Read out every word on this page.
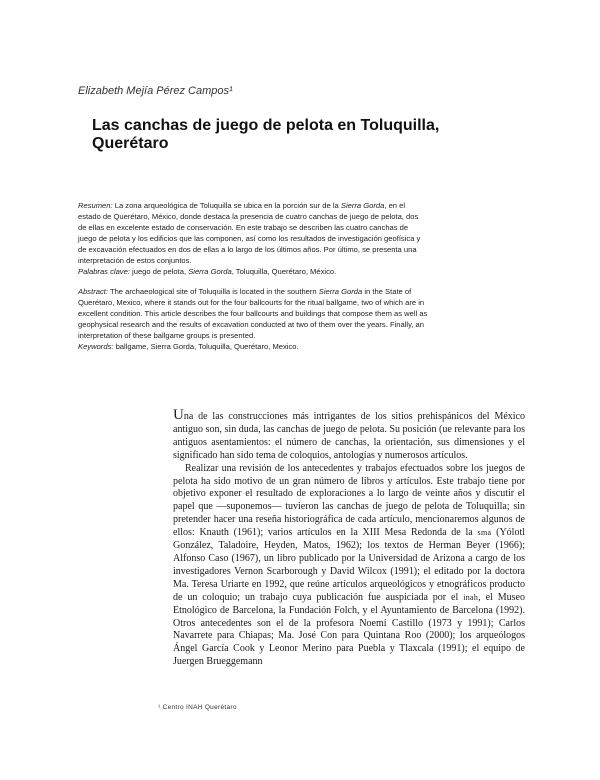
Elizabeth Mejía Pérez Campos¹
Las canchas de juego de pelota en Toluquilla, Querétaro

Resumen: La zona arqueológica de Toluquilla se ubica en la porción sur de la Sierra Gorda, en el estado de Querétaro, México, donde destaca la presencia de cuatro canchas de juego de pelota, dos de ellas en excelente estado de conservación. En este trabajo se describen las cuatro canchas de juego de pelota y los edificios que las componen, así como los resultados de investigación geofísica y de excavación efectuados en dos de ellas a lo largo de los últimos años. Por último, se presenta una interpretación de estos conjuntos.
Palabras clave: juego de pelota, Sierra Gorda, Toluquilla, Querétaro, México.

Abstract: The archaeological site of Toluquilla is located in the southern Sierra Gorda in the State of Querétaro, Mexico, where it stands out for the four ballcourts for the ritual ballgame, two of which are in excellent condition. This article describes the four ballcourts and buildings that compose them as well as geophysical research and the results of excavation conducted at two of them over the years. Finally, an interpretation of these ballgame groups is presented.
Keywords: ballgame, Sierra Gorda, Toluquilla, Querétaro, Mexico.

Una de las construcciones más intrigantes de los sitios prehispánicos del México antiguo son, sin duda, las canchas de juego de pelota. Su posición (ue relevante para los antiguos asentamientos: el número de canchas, la orientación, sus dimensiones y el significado han sido tema de coloquios, antologías y numerosos artículos.

Realizar una revisión de los antecedentes y trabajos efectuados sobre los juegos de pelota ha sido motivo de un gran número de libros y artículos. Este trabajo tiene por objetivo exponer el resultado de exploraciones a lo largo de veinte años y discutir el papel que —suponemos— tuvieron las canchas de juego de pelota de Toluquilla; sin pretender hacer una reseña historiográfica de cada artículo, mencionaremos algunos de ellos: Knauth (1961); varios artículos en la XIII Mesa Redonda de la sma (Yólotl González, Taladoire, Heyden, Matos, 1962); los textos de Herman Beyer (1966); Alfonso Caso (1967), un libro publicado por la Universidad de Arizona a cargo de los investigadores Vernon Scarborough y David Wilcox (1991); el editado por la doctora Ma. Teresa Uriarte en 1992, que reúne artículos arqueológicos y etnográficos producto de un coloquio; un trabajo cuya publicación fue auspiciada por el inah, el Museo Etnológico de Barcelona, la Fundación Folch, y el Ayuntamiento de Barcelona (1992). Otros antecedentes son el de la profesora Noemí Castillo (1973 y 1991); Carlos Navarrete para Chiapas; Ma. José Con para Quintana Roo (2000); los arqueólogos Ángel García Cook y Leonor Merino para Puebla y Tlaxcala (1991); el equipo de Juergen Brueggemann

¹ Centro INAH Querétaro
